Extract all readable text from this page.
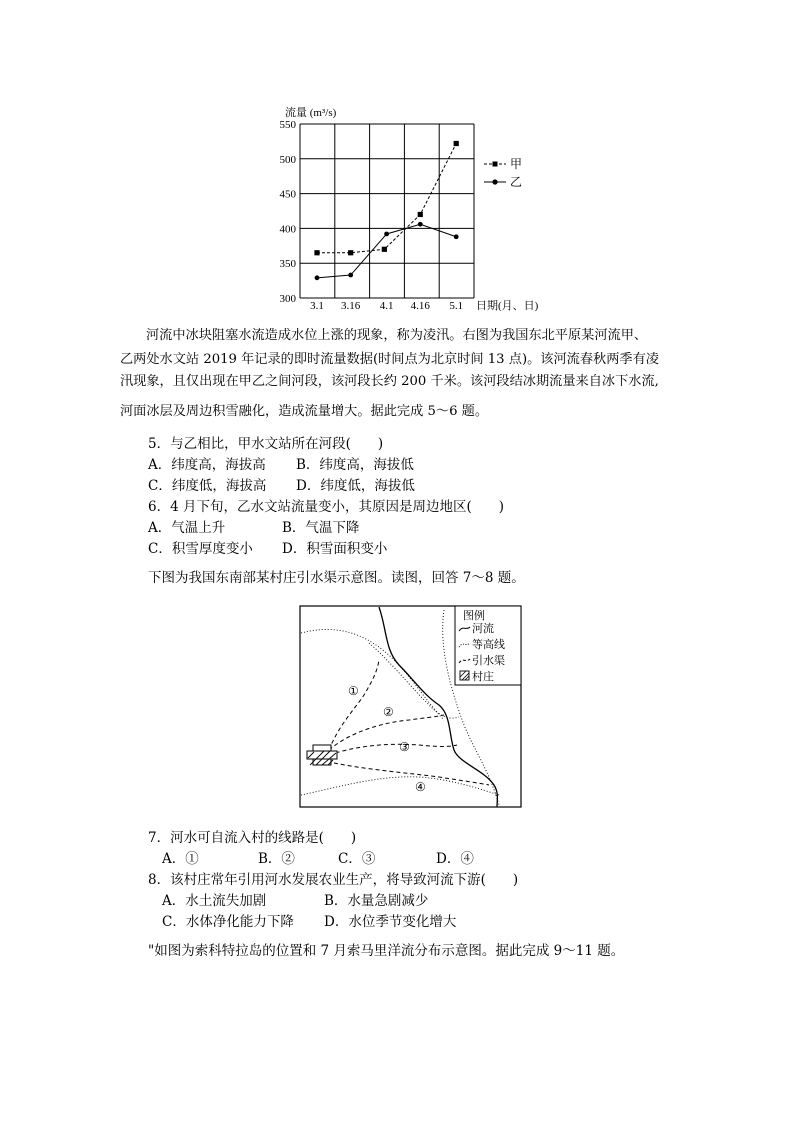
流量 (m³/s)
300
350
400
450
500
550
3.1 3.16 4.1 4.16 5.1 日期(月、日)
甲
乙
河流中冰块阻塞水流造成水位上涨的现象，称为凌汛。右图为我国东北平原某河流甲、
乙两处水文站 2019 年记录的即时流量数据(时间点为北京时间 13 点)。该河流春秋两季有凌
汛现象，且仅出现在甲乙之间河段，该河段长约 200 千米。该河段结冰期流量来自冰下水流,
河面冰层及周边积雪融化，造成流量增大。据此完成 5～6 题。
5．与乙相比，甲水文站所在河段(　　)
A．纬度高，海拔高 B．纬度高，海拔低
C．纬度低，海拔高 D．纬度低，海拔低
6．4 月下旬，乙水文站流量变小，其原因是周边地区(　　)
A．气温上升	B．气温下降
C．积雪厚度变小 D．积雪面积变小
下图为我国东南部某村庄引水渠示意图。读图，回答 7～8 题。
①
②
③
④
图例
河流
等高线
引水渠
村庄
7．河水可自流入村的线路是(　　)
A．①	B．②	C．③	D．④
8．该村庄常年引用河水发展农业生产，将导致河流下游(　　)
A．水土流失加剧	B．水量急剧减少
C．水体净化能力下降 D．水位季节变化增大
"如图为索科特拉岛的位置和 7 月索马里洋流分布示意图。据此完成 9～11 题。
